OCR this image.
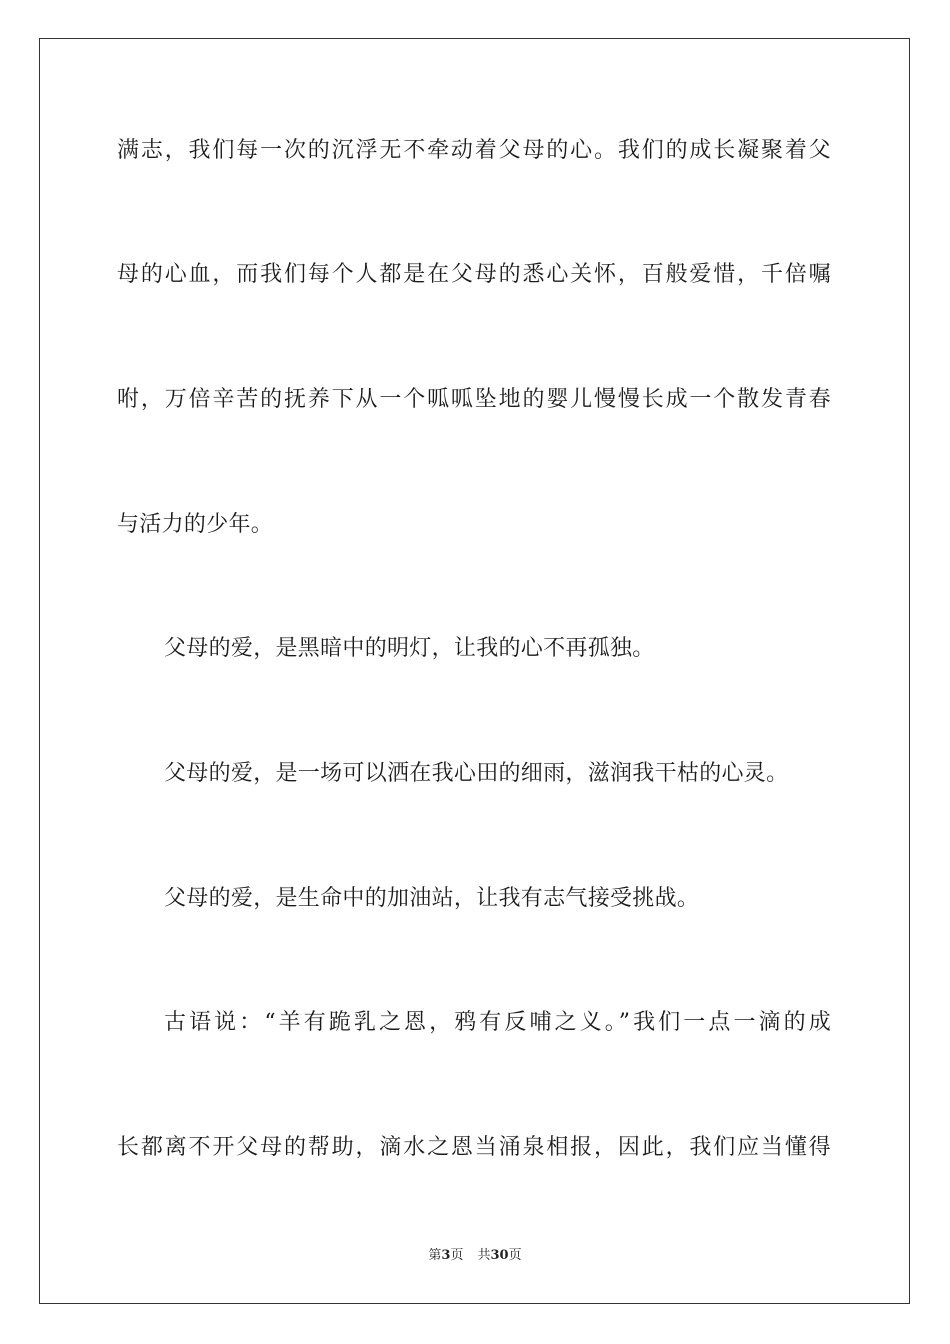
满志，我们每一次的沉浮无不牵动着父母的心。我们的成长凝聚着父
母的心血，而我们每个人都是在父母的悉心关怀，百般爱惜，千倍嘱
咐，万倍辛苦的抚养下从一个呱呱坠地的婴儿慢慢长成一个散发青春
与活力的少年。
父母的爱，是黑暗中的明灯，让我的心不再孤独。
父母的爱，是一场可以洒在我心田的细雨，滋润我干枯的心灵。
父母的爱，是生命中的加油站，让我有志气接受挑战。
古语说：“羊有跪乳之恩，鸦有反哺之义。”我们一点一滴的成
长都离不开父母的帮助，滴水之恩当涌泉相报，因此，我们应当懂得
第3页 共30页
